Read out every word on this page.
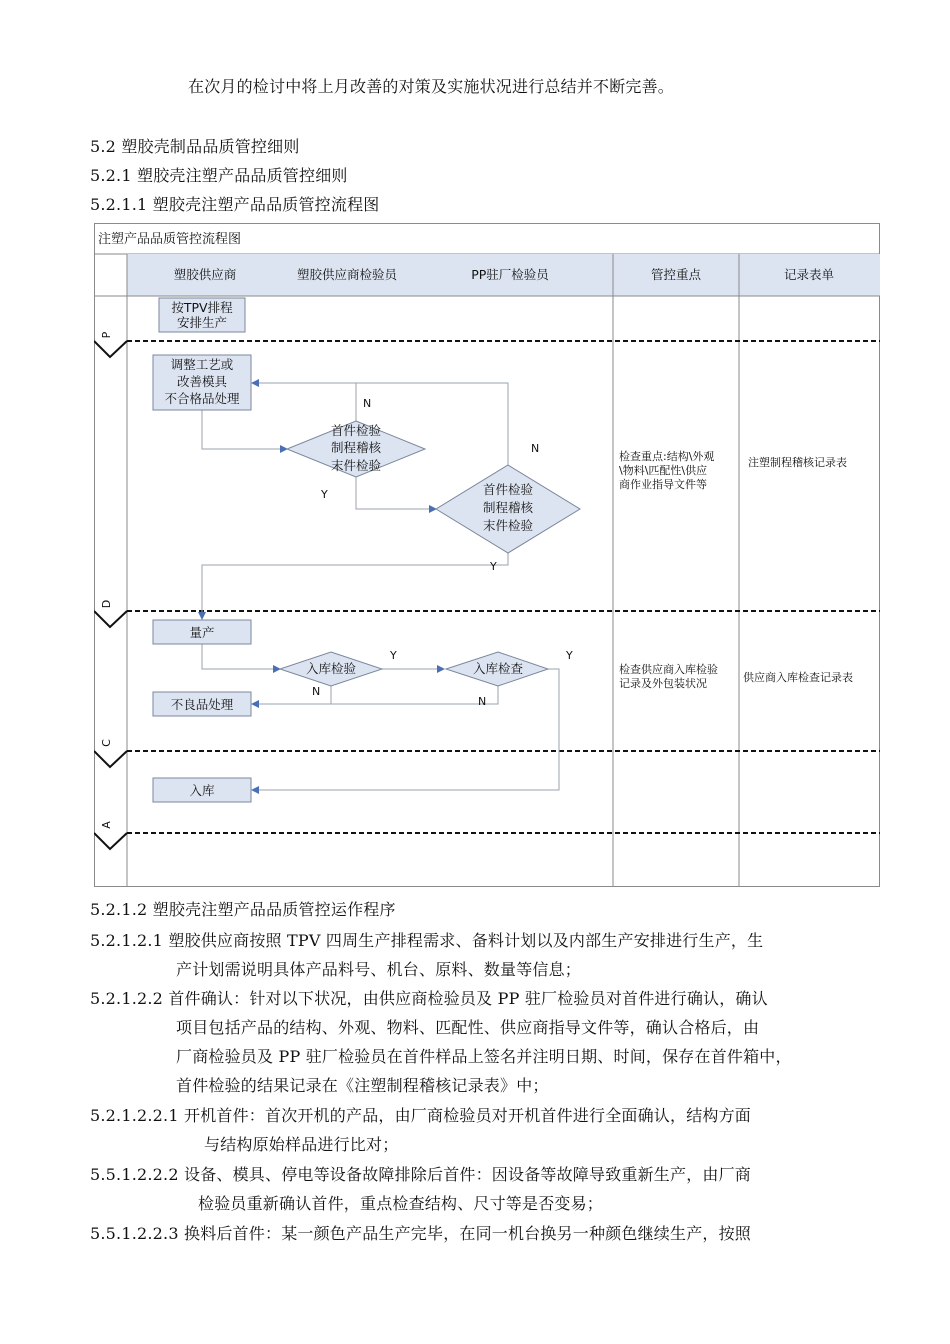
在次月的检讨中将上月改善的对策及实施状况进行总结并不断完善。
5.2 塑胶壳制品品质管控细则
5.2.1 塑胶壳注塑产品品质管控细则
5.2.1.1 塑胶壳注塑产品品质管控流程图
注塑产品品质管控流程图
塑胶供应商	塑胶供应商检验员	PP驻厂检验员	管控重点	记录表单
P
D
C
A
按TPV排程
安排生产
调整工艺或
改善模具
不合格品处理
首件检验
制程稽核
末件检验
首件检验
制程稽核
末件检验
量产
入库检验	入库检查
不良品处理
入库
N
N
Y
Y
Y	Y
N
N
检查重点:结构\外观
\物料\匹配性\供应
商作业指导文件等
检查供应商入库检验
记录及外包装状况
注塑制程稽核记录表
供应商入库检查记录表
5.2.1.2 塑胶壳注塑产品品质管控运作程序
5.2.1.2.1 塑胶供应商按照 TPV 四周生产排程需求、备料计划以及内部生产安排进行生产，生
产计划需说明具体产品料号、机台、原料、数量等信息；
5.2.1.2.2 首件确认：针对以下状况，由供应商检验员及 PP 驻厂检验员对首件进行确认，确认
项目包括产品的结构、外观、物料、匹配性、供应商指导文件等，确认合格后，由
厂商检验员及 PP 驻厂检验员在首件样品上签名并注明日期、时间，保存在首件箱中，
首件检验的结果记录在《注塑制程稽核记录表》中；
5.2.1.2.2.1 开机首件：首次开机的产品，由厂商检验员对开机首件进行全面确认，结构方面
与结构原始样品进行比对；
5.5.1.2.2.2 设备、模具、停电等设备故障排除后首件：因设备等故障导致重新生产，由厂商
检验员重新确认首件，重点检查结构、尺寸等是否变易；
5.5.1.2.2.3 换料后首件：某一颜色产品生产完毕，在同一机台换另一种颜色继续生产，按照
